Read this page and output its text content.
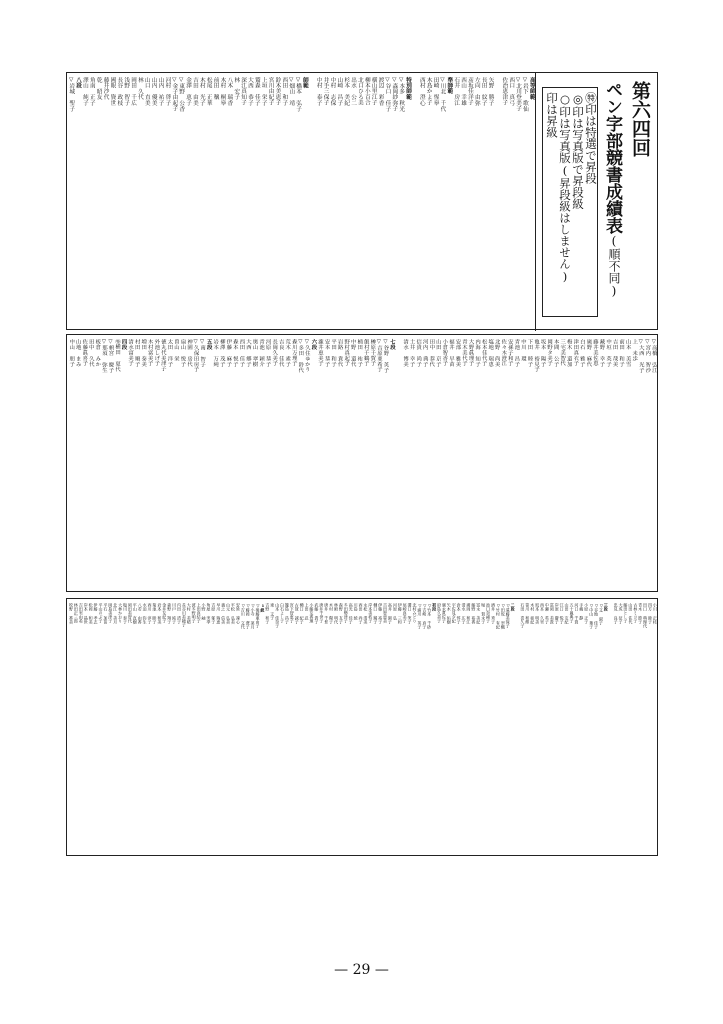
第六四回
ペン字部競書成績表
(順不同)
㊕印は特選で昇段
◎印は写真版で昇段級
○印は写真版(昇段級はしません)
印は昇級
高等師範
▽
岩下 歌仙
▽
北川登美子
西口 真弓
佐治恵津子
矢野 勝子
長田 紋子
左向 由弥
彦坂佳洋子
西山 幸雄
石井 房江
準師範
▽
川北 千代
田崎 惺皋
木島かよ子
西村 澄心
特別師範
▽
本多 秋光
▽
森岡紗弥子
▽
谷口 佳子
渡辺 彩香
横山里江子
柳本小百合
北口ひろ美
出水 公二
杉本 美紀
山崎 昌子
中村 志保
井手三保子
中村 泰子
師範
▽
橋本 弘子
▽
畑山 靖
西田 和子
鈴木美恵子
宮川由紀子
上垣 栄子
鷲森 佳子
大西 恭子
深江真知子
林 宏子
八木 瑞香
木村 桐皋
前田 穣
松尾 正華
木村 光子
吉田 由美
金澤 恵子
▽
東野 公香
▽
金子由起子
河村 啓子
山内 祐子
山内 優美
山口 直美
林 久代
岡田 千広
浅野 智子
長谷 政枝
國眼 資世
藤井沙代
乾 昭友
角南 正子
澤山 純子
八段
▽
岩城 聖子
▽
高橋 弘江
▽
宮内 智沙
▽
大西 光子
上 未歩
山本 美雪
前田 和子
吉田 哉美
中垣 英子
藏野 幸子
藤井美佐恵
廣野 麻代
白石 雅子
津田真衣子
梅木 道加
三宅美智代
本間 公子
岡野タ美子
坂本 陽子
亀井 裕見子
下田 睦子
中川 環
青池 昌子
安孫子和子
佐々木澄江
北野 尚美
塩地 瑞恵
松本佳代子
内海 知子
大野眞理子
青木美代子
安部 雅美
福井 早苗
小倉智香子
山田 京子
田中 恭代
河内 典子
信貴 尚子
土井 幸子
清水 博美
七段
▽
谷野 英子
▽
吉原亜希子
榊原千賀子
飯村千鶴子
桶田 祐子
中野 道代
野村真起子
岩路 貴代
平田 和子
安本 恭子
瀧井恵美子
六段
▽
久住ゆかり
▽
多田 鈴代
森川万理子
荒木 素子
吉良 佳代
長岡久美子
河原 恭子
青池 穎介
奥山 翠樹
大西 郷子
西田 佳子
森本 悦子
伊藤 麻子
柳澤 茂子
岩本 万純
五段
▽
南 智子
▽
久保田房子
神園 房代
扇山 悦子
曽山 栄
太田 洋子
徳丸代美津子
外池しげ子
木村富美子
増田 泰美
村田 順子
清水富美子
四段
㊕
横田 夏代
▽
頓宮 慶子
▽
那須 弥生
板倉 みか
田中 久代
佐藤眞喜子
山地 まみ
中山 朋子
小川 正枝
四方 睦子
田口 典理代
青木 節子
古林ミヨ子
山田 佐代
藤田とし子
大成 征子
忠見 良子
三段
▽
文 淑子
▽
谷地 佳子
▽
中山 葉子
小原 正子
手嶋 静
河口 千賀
五十嵐典子
山田 友紀
江口 悦子
岸原 慶子
富岡 美貴
中瀬 英子
西本 久実
坂本 明美
木村 亜紀
笹川 和輝
石田 喜久子
二段
▽
遠藤美保子
▽
田坂 翠楓
▽
竹村 有紀
酒井 秀子
池口奈緒子
堀 賀永子
冨永 美紀
藤野 裕香
廣岡 和江
清水 広子
倉本 惇子
宇佐見夕紀
矢木 佑樹
廣永眞佐子
府島久美子
初段
▽
竹本 千砂
▽
吉崎 真子
▽
浦川 英子
北村みどり
溝口 笑子
尾崎真美子
伊藤 三和
河原 弘
高井 園子
吉田智恵美
伊藤 裕子
樋口 鏡子
岸本美枝子
永松 清美
西田 尚子
川島 綾
高光 佳子
多田勢津子
森野 友子
林殿 明代
木村 陽子
唐井 千景
唐井千世子
武藤 貴子
小藤友香理
上田 忍
樋口 紀子
古賀 誠子
宮下智恵子
籠島 昌子
白石よし子
山本 佳奈子
東 文子
吉野 和子
1級
▽
後藤亜由子
▽
小寺 菜月
▽
藤岡 澄子
▽
吉川 文代
安延 凜心
平松 弘美
山元 弘美
義之 信美
早川 瑞恵
吉原 郁子
角屋 実季
小野 紬
上田真結子
波多野明子
大村 美晴
長谷川美穂子
内田 清子
川戸 純子
森野 翔子
金井友紀子
岩本 和美
菊池 睦子
西川 淳子
水迫 弥生
八若 由香
平山 直樹
岡田美智代
塩川 泰子
大林かおり
北江 美月
岡島美津子
平石 加苗
平山のぶ子
伊藤 孝志
松岡 和美
岸本 晶世
吉田実由希
林田正三郎
牧野 香美
— 29 —
